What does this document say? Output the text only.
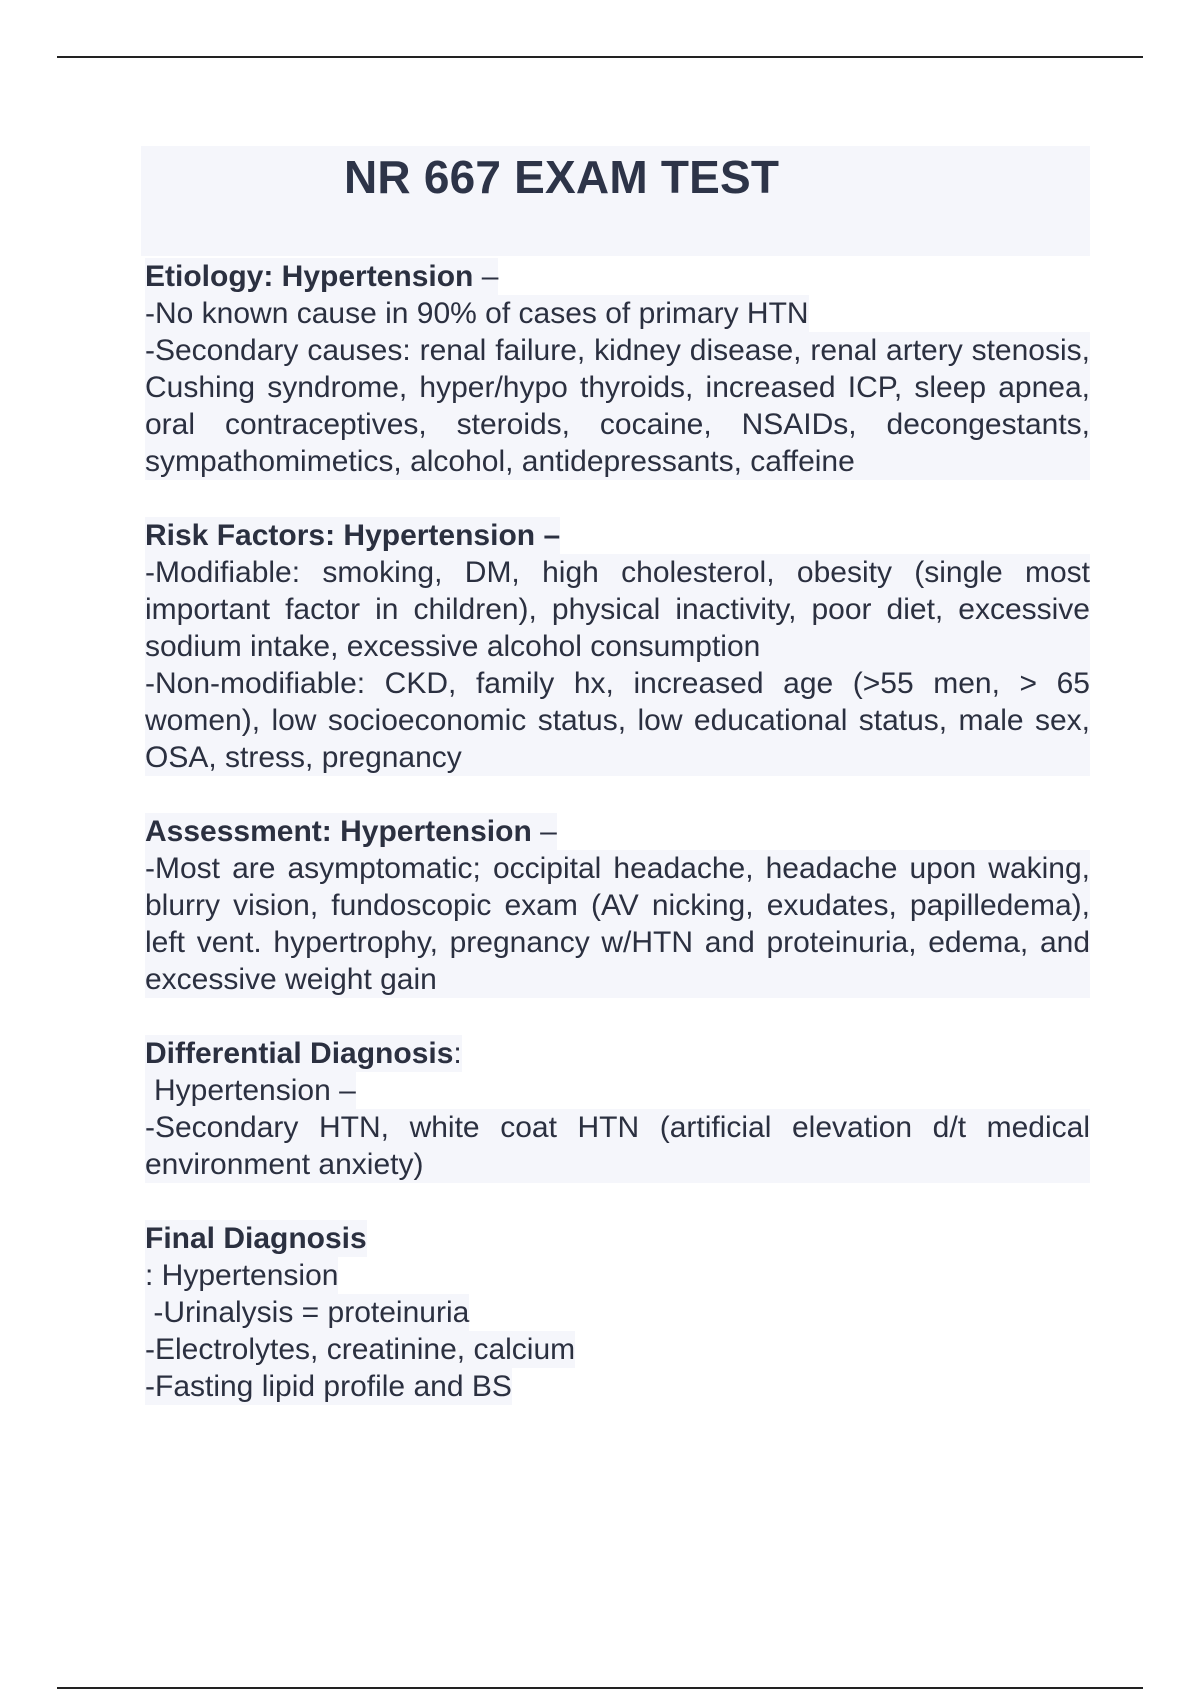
NR 667 EXAM TEST
Etiology: Hypertension –
-No known cause in 90% of cases of primary HTN
-Secondary causes: renal failure, kidney disease, renal artery stenosis, Cushing syndrome, hyper/hypo thyroids, increased ICP, sleep apnea, oral contraceptives, steroids, cocaine, NSAIDs, decongestants, sympathomimetics, alcohol, antidepressants, caffeine
Risk Factors: Hypertension –
-Modifiable: smoking, DM, high cholesterol, obesity (single most important factor in children), physical inactivity, poor diet, excessive sodium intake, excessive alcohol consumption
-Non-modifiable: CKD, family hx, increased age (>55 men, > 65 women), low socioeconomic status, low educational status, male sex, OSA, stress, pregnancy
Assessment: Hypertension –
-Most are asymptomatic; occipital headache, headache upon waking, blurry vision, fundoscopic exam (AV nicking, exudates, papilledema), left vent. hypertrophy, pregnancy w/HTN and proteinuria, edema, and excessive weight gain
Differential Diagnosis:
Hypertension –
-Secondary HTN, white coat HTN (artificial elevation d/t medical environment anxiety)
Final Diagnosis
: Hypertension
-Urinalysis = proteinuria
-Electrolytes, creatinine, calcium
-Fasting lipid profile and BS
